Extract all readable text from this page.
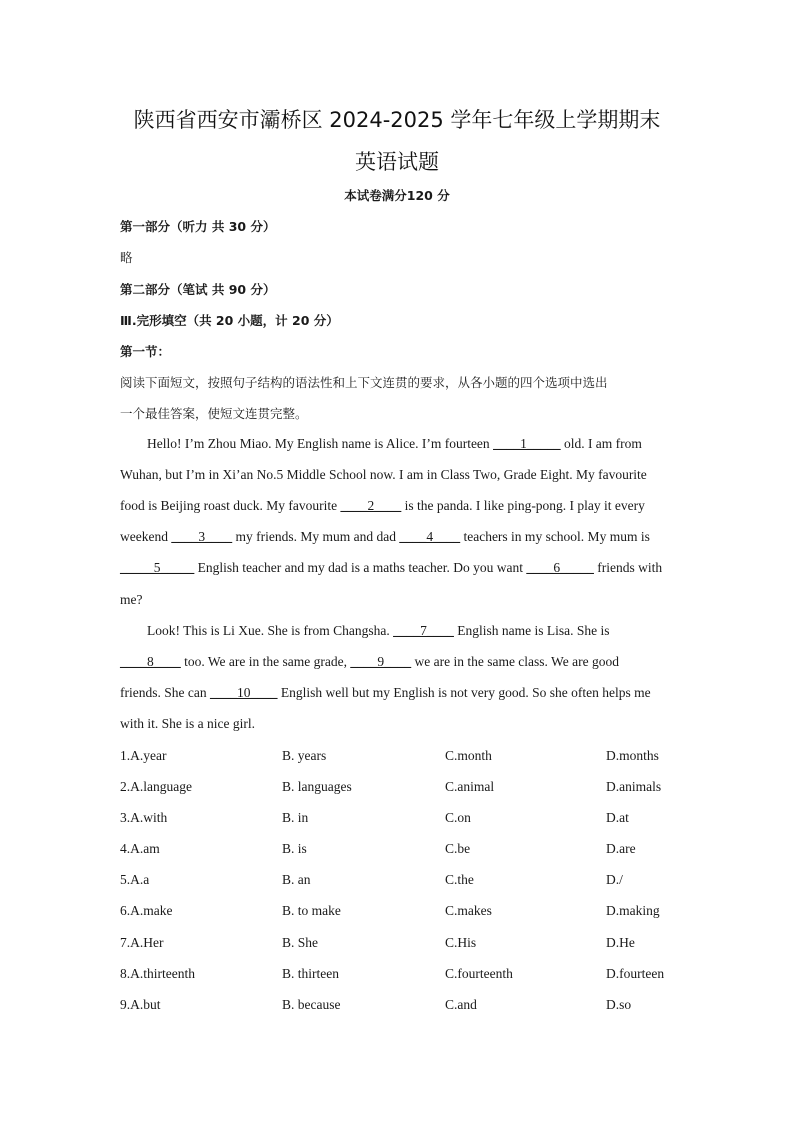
陕西省西安市灞桥区 2024-2025 学年七年级上学期期末
英语试题
本试卷满分120 分
第一部分（听力 共 30 分）
略
第二部分（笔试 共 90 分）
Ⅲ.完形填空（共 20 小题，计 20 分）
第一节：
阅读下面短文，按照句子结构的语法性和上下文连贯的要求，从各小题的四个选项中选出
一个最佳答案，使短文连贯完整。
Hello! I’m Zhou Miao. My English name is Alice. I’m fourteen ____1_____ old. I am from
Wuhan, but I’m in Xi’an No.5 Middle School now. I am in Class Two, Grade Eight. My favourite
food is Beijing roast duck. My favourite ____2____ is the panda. I like ping-pong. I play it every
weekend ____3____ my friends. My mum and dad ____4____ teachers in my school. My mum is
_____5_____ English teacher and my dad is a maths teacher. Do you want ____6_____ friends with
me?
Look! This is Li Xue. She is from Changsha. ____7____ English name is Lisa. She is
____8____ too. We are in the same grade, ____9____ we are in the same class. We are good
friends. She can ____10____ English well but my English is not very good. So she often helps me
with it. She is a nice girl.
1.A.year	B. years	C.month	D.months
2.A.language	B. languages	C.animal	D.animals
3.A.with	B. in	C.on	D.at
4.A.am	B. is	C.be	D.are
5.A.a	B. an	C.the	D./
6.A.make	B. to make	C.makes	D.making
7.A.Her	B. She	C.His	D.He
8.A.thirteenth	B. thirteen	C.fourteenth	D.fourteen
9.A.but	B. because	C.and	D.so
